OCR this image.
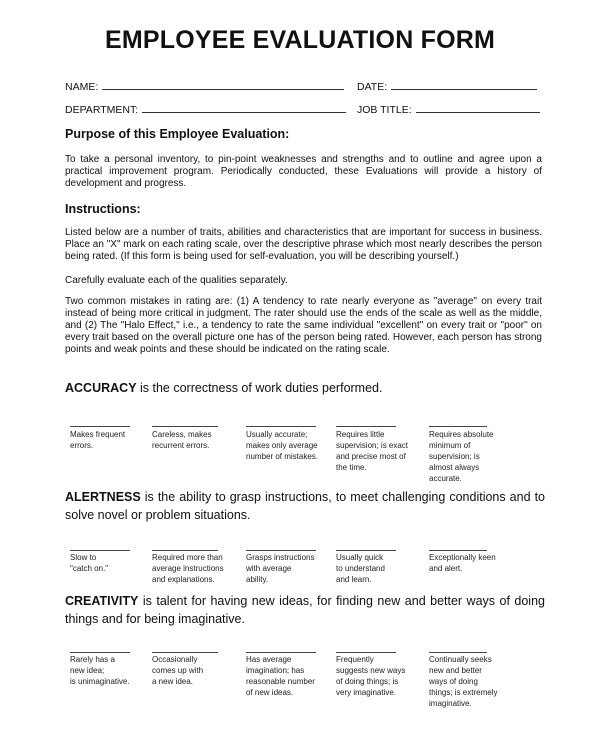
EMPLOYEE EVALUATION FORM
NAME:	DATE:
DEPARTMENT:	JOB TITLE:
Purpose of this Employee Evaluation:
To take a personal inventory, to pin-point weaknesses and strengths and to outline and agree upon a practical improvement program. Periodically conducted, these Evaluations will provide a history of development and progress.
Instructions:
Listed below are a number of traits, abilities and characteristics that are important for success in business. Place an "X" mark on each rating scale, over the descriptive phrase which most nearly describes the person being rated. (If this form is being used for self-evaluation, you will be describing yourself.)
Carefully evaluate each of the qualities separately.
Two common mistakes in rating are: (1) A tendency to rate nearly everyone as "average" on every trait instead of being more critical in judgment. The rater should use the ends of the scale as well as the middle, and (2) The "Halo Effect," i.e., a tendency to rate the same individual "excellent" on every trait or "poor" on every trait based on the overall picture one has of the person being rated. However, each person has strong points and weak points and these should be indicated on the rating scale.
ACCURACY is the correctness of work duties performed.
Makes frequent
errors.
Careless, makes
recurrent errors.
Usually accurate;
makes only average
number of mistakes.
Requires little
supervision; is exact
and precise most of
the time.
Requires absolute
minimum of
supervision; is
almost always
accurate.
ALERTNESS is the ability to grasp instructions, to meet challenging conditions and to solve novel or problem situations.
Slow to
"catch on."
Required more than
average instructions
and explanations.
Grasps instructions
with average
ability.
Usually quick
to understand
and learn.
Exceptionally keen
and alert.
CREATIVITY is talent for having new ideas, for finding new and better ways of doing things and for being imaginative.
Rarely has a
new idea;
is unimaginative.
Occasionally
comes up with
a new idea.
Has average
imagination; has
reasonable number
of new ideas.
Frequently
suggests new ways
of doing things; is
very imaginative.
Continually seeks
new and better
ways of doing
things; is extremely
imaginative.
